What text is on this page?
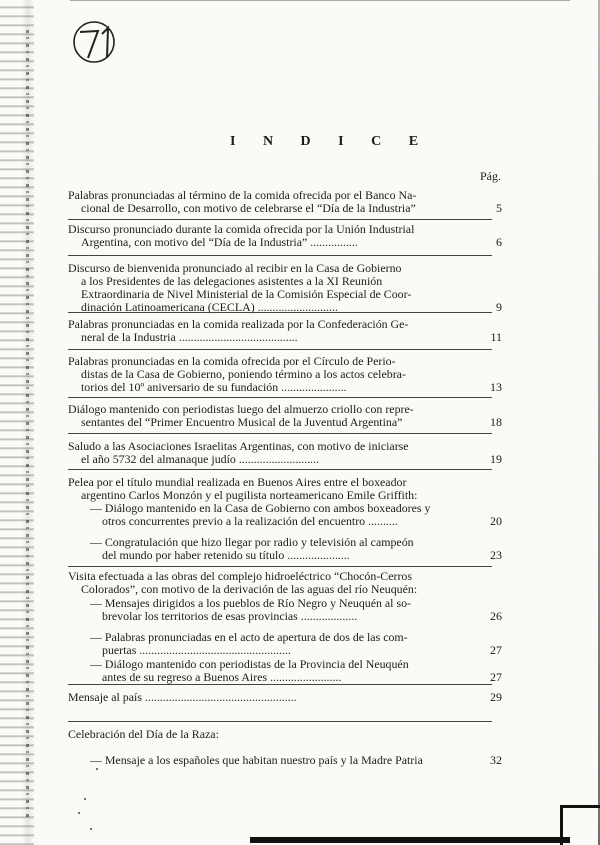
I N D I C E
Pág.
Palabras pronunciadas al término de la comida ofrecida por el Banco Na-
cional de Desarrollo, con motivo de celebrarse el “Día de la Industria”	5
Discurso pronunciado durante la comida ofrecida por la Unión Industrial
Argentina, con motivo del “Día de la Industria” ................	6
Discurso de bienvenida pronunciado al recibir en la Casa de Gobierno
a los Presidentes de las delegaciones asistentes a la XI Reunión
Extraordinaria de Nivel Ministerial de la Comisión Especial de Coor-
dinación Latinoamericana (CECLA) ...........................	9
Palabras pronunciadas en la comida realizada por la Confederación Ge-
neral de la Industria ........................................	11
Palabras pronunciadas en la comida ofrecida por el Círculo de Perio-
distas de la Casa de Gobierno, poniendo término a los actos celebra-
torios del 10º aniversario de su fundación ......................	13
Diálogo mantenido con periodistas luego del almuerzo criollo con repre-
sentantes del “Primer Encuentro Musical de la Juventud Argentina”	18
Saludo a las Asociaciones Israelitas Argentinas, con motivo de iniciarse
el año 5732 del almanaque judío ...........................	19
Pelea por el título mundial realizada en Buenos Aires entre el boxeador
argentino Carlos Monzón y el pugilista norteamericano Emile Griffith:
— Diálogo mantenido en la Casa de Gobierno con ambos boxeadores y
otros concurrentes previo a la realización del encuentro ..........	20
— Congratulación que hizo llegar por radio y televisión al campeón
del mundo por haber retenido su título .....................	23
Visita efectuada a las obras del complejo hidroeléctrico “Chocón-Cerros
Colorados”, con motivo de la derivación de las aguas del río Neuquén:
— Mensajes dirigidos a los pueblos de Río Negro y Neuquén al so-
brevolar los territorios de esas provincias ...................	26
— Palabras pronunciadas en el acto de apertura de dos de las com-
puertas ...................................................	27
— Diálogo mantenido con periodistas de la Provincia del Neuquén
antes de su regreso a Buenos Aires ........................	27
Mensaje al país ...................................................	29
Celebración del Día de la Raza:
— Mensaje a los españoles que habitan nuestro país y la Madre Patria	32
